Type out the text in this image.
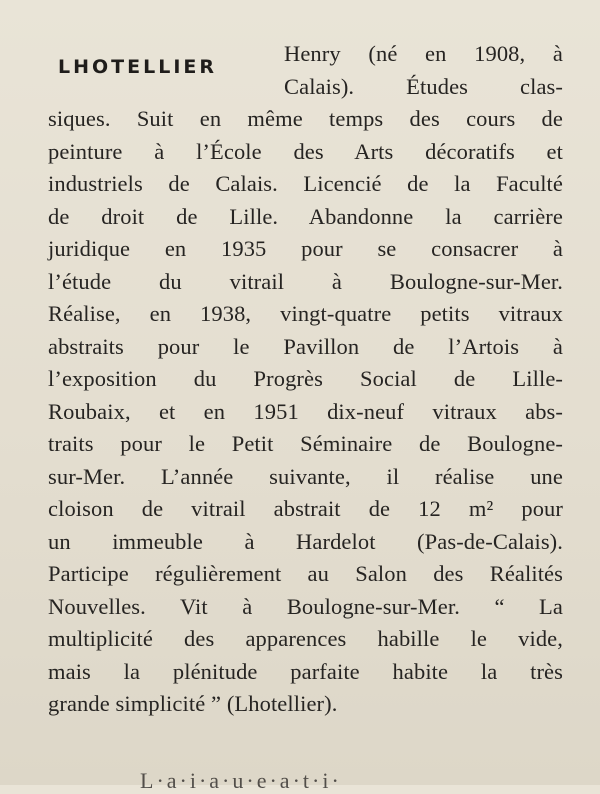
LHOTELLIER
Henry (né en 1908, à
Calais). Études clas-
siques. Suit en même temps des cours de
peinture à l’École des Arts décoratifs et
industriels de Calais. Licencié de la Faculté
de droit de Lille. Abandonne la carrière
juridique en 1935 pour se consacrer à
l’étude du vitrail à Boulogne-sur-Mer.
Réalise, en 1938, vingt-quatre petits vitraux
abstraits pour le Pavillon de l’Artois à
l’exposition du Progrès Social de Lille-
Roubaix, et en 1951 dix-neuf vitraux abs-
traits pour le Petit Séminaire de Boulogne-
sur-Mer. L’année suivante, il réalise une
cloison de vitrail abstrait de 12 m² pour
un immeuble à Hardelot (Pas-de-Calais).
Participe régulièrement au Salon des Réalités
Nouvelles. Vit à Boulogne-sur-Mer. “ La
multiplicité des apparences habille le vide,
mais la plénitude parfaite habite la très
grande simplicité ” (Lhotellier).
L·a·i·a·u·e·a·t·i·
